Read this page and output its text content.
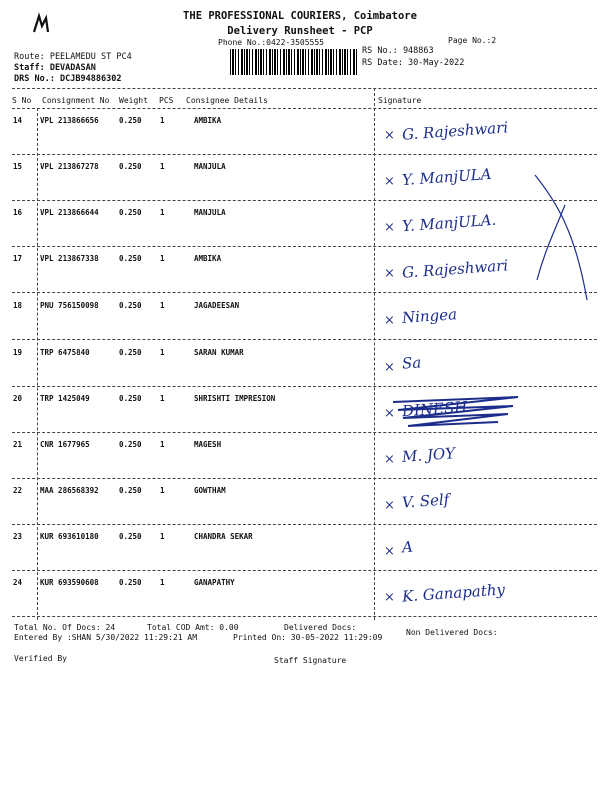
THE PROFESSIONAL COURIERS, Coimbatore
Delivery Runsheet - PCP
Phone No.:0422-3505555	Page No.:2
Route: PEELAMEDU ST PC4
Staff: DEVADASAN
DRS No.: DCJB94886302
RS No.: 948863
RS Date: 30-May-2022
S No Consignment No Weight PCS Consignee Details	Signature
14 VPL 213866656	0.250 1	AMBIKA
× G. Rajeshwari
15 VPL 213867278	0.250 1	MANJULA
× Y. ManjULA
16 VPL 213866644	0.250 1	MANJULA
× Y. ManjULA.
17 VPL 213867338	0.250 1	AMBIKA
× G. Rajeshwari
18 PNU 756150098	0.250 1	JAGADEESAN
× Ningea
19 TRP 6475840	0.250 1	SARAN KUMAR
× Sa
20 TRP 1425049	0.250 1	SHRISHTI IMPRESION
× DINESH
21 CNR 1677965	0.250 1	MAGESH
× M. JOY
22 MAA 286568392	0.250 1	GOWTHAM
× V. Self
23 KUR 693610180	0.250 1	CHANDRA SEKAR
× A
24 KUR 693590608	0.250 1	GANAPATHY
× K. Ganapathy
Total No. Of Docs: 24	Total COD Amt: 0.00	Delivered Docs:
Non Delivered Docs:
Entered By :SHAN 5/30/2022 11:29:21 AM	Printed On: 30-05-2022 11:29:09
Verified By	Staff Signature
